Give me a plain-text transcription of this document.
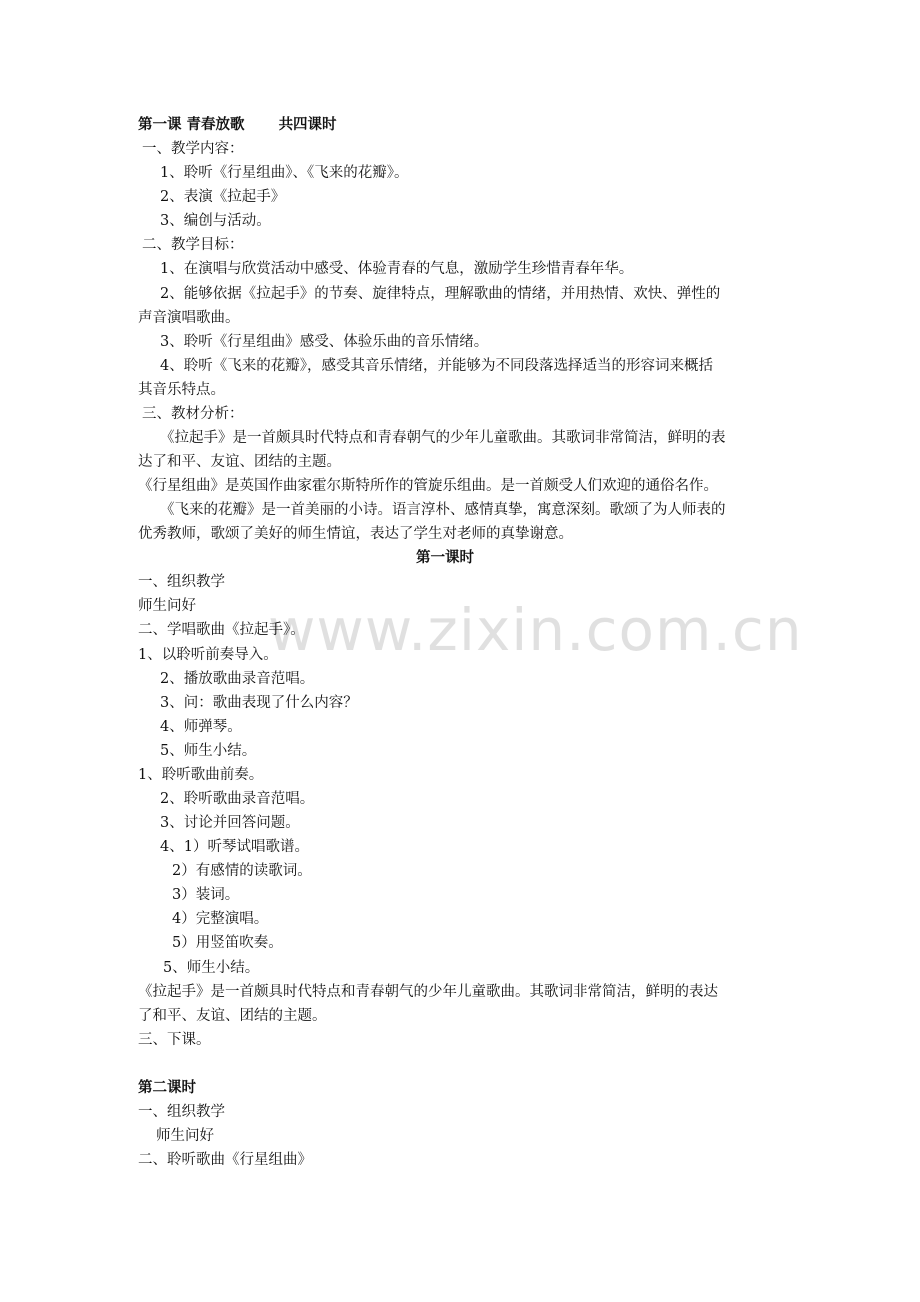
www.zixin.com.cn
第一课 青春放歌 共四课时
一、教学内容：
1、聆听《行星组曲》、《飞来的花瓣》。
2、表演《拉起手》
3、编创与活动。
二、教学目标：
1、在演唱与欣赏活动中感受、体验青春的气息，激励学生珍惜青春年华。
2、能够依据《拉起手》的节奏、旋律特点，理解歌曲的情绪，并用热情、欢快、弹性的
声音演唱歌曲。
3、聆听《行星组曲》感受、体验乐曲的音乐情绪。
4、聆听《飞来的花瓣》，感受其音乐情绪，并能够为不同段落选择适当的形容词来概括
其音乐特点。
三、教材分析：
《拉起手》是一首颇具时代特点和青春朝气的少年儿童歌曲。其歌词非常简洁，鲜明的表
达了和平、友谊、团结的主题。
《行星组曲》是英国作曲家霍尔斯特所作的管旋乐组曲。是一首颇受人们欢迎的通俗名作。
《飞来的花瓣》是一首美丽的小诗。语言淳朴、感情真挚，寓意深刻。歌颂了为人师表的
优秀教师，歌颂了美好的师生情谊，表达了学生对老师的真挚谢意。
第一课时
一、组织教学
师生问好
二、学唱歌曲《拉起手》。
1、以聆听前奏导入。
2、播放歌曲录音范唱。
3、问：歌曲表现了什么内容？
4、师弹琴。
5、师生小结。
1、聆听歌曲前奏。
2、聆听歌曲录音范唱。
3、讨论并回答问题。
4、1）听琴试唱歌谱。
2）有感情的读歌词。
3）装词。
4）完整演唱。
5）用竖笛吹奏。
5、师生小结。
《拉起手》是一首颇具时代特点和青春朝气的少年儿童歌曲。其歌词非常简洁，鲜明的表达
了和平、友谊、团结的主题。
三、下课。
第二课时
一、组织教学
师生问好
二、聆听歌曲《行星组曲》
